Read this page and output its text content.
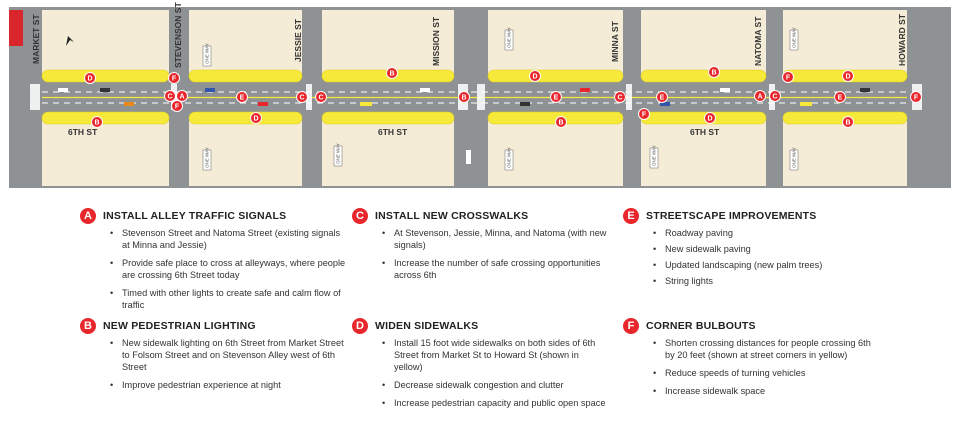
ONE WAY
ONE WAY	ONE WAY
ONE WAY	ONE WAY	ONE WAY	ONE WAY	ONE WAY
MARKET ST	STEVENSON ST	JESSIE ST	MISSION ST	MINNA ST	NATOMA ST	HOWARD ST
6TH ST	6TH ST	6TH ST
D	F
A
C
F
E
D
C
B
B
C	B
D
E
B
C
F
B
E
D
A C
F	D
E
B
F
A	INSTALL ALLEY TRAFFIC SIGNALS
• Stevenson Street and Natoma Street (existing signals at Minna and Jessie)
• Provide safe place to cross at alleyways, where people are crossing 6th Street today
• Timed with other lights to create safe and calm flow of traffic
B	NEW PEDESTRIAN LIGHTING
• New sidewalk lighting on 6th Street from Market Street to Folsom Street and on Stevenson Alley west of 6th Street
• Improve pedestrian experience at night
C	INSTALL NEW CROSSWALKS
• At Stevenson, Jessie, Minna, and Natoma (with new signals)
• Increase the number of safe crossing opportunities across 6th
D	WIDEN SIDEWALKS
• Install 15 foot wide sidewalks on both sides of 6th Street from Market St to Howard St (shown in yellow)
• Decrease sidewalk congestion and clutter
• Increase pedestrian capacity and public open space
E	STREETSCAPE IMPROVEMENTS
• Roadway paving
• New sidewalk paving
• Updated landscaping (new palm trees)
• String lights
F	CORNER BULBOUTS
• Shorten crossing distances for people crossing 6th by 20 feet (shown at street corners in yellow)
• Reduce speeds of turning vehicles
• Increase sidewalk space
